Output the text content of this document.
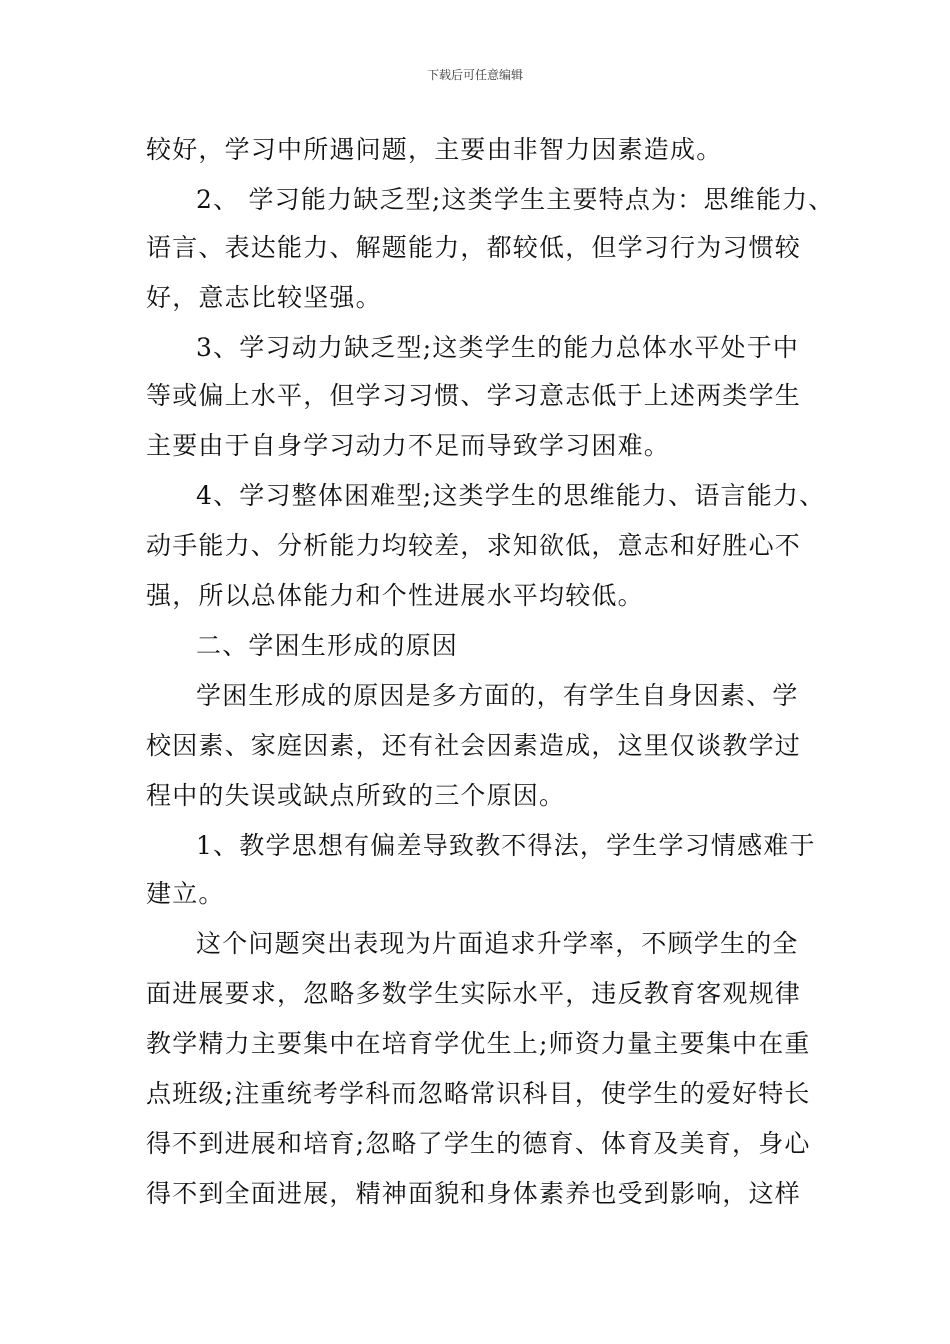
下载后可任意编辑
较好，学习中所遇问题，主要由非智力因素造成。
2、 学习能力缺乏型;这类学生主要特点为：思维能力、
语言、表达能力、解题能力，都较低，但学习行为习惯较
好，意志比较坚强。
3、学习动力缺乏型;这类学生的能力总体水平处于中
等或偏上水平，但学习习惯、学习意志低于上述两类学生
主要由于自身学习动力不足而导致学习困难。
4、学习整体困难型;这类学生的思维能力、语言能力、
动手能力、分析能力均较差，求知欲低，意志和好胜心不
强，所以总体能力和个性进展水平均较低。
二、学困生形成的原因
学困生形成的原因是多方面的，有学生自身因素、学
校因素、家庭因素，还有社会因素造成，这里仅谈教学过
程中的失误或缺点所致的三个原因。
1、教学思想有偏差导致教不得法，学生学习情感难于
建立。
这个问题突出表现为片面追求升学率，不顾学生的全
面进展要求，忽略多数学生实际水平，违反教育客观规律
教学精力主要集中在培育学优生上;师资力量主要集中在重
点班级;注重统考学科而忽略常识科目，使学生的爱好特长
得不到进展和培育;忽略了学生的德育、体育及美育，身心
得不到全面进展，精神面貌和身体素养也受到影响，这样
